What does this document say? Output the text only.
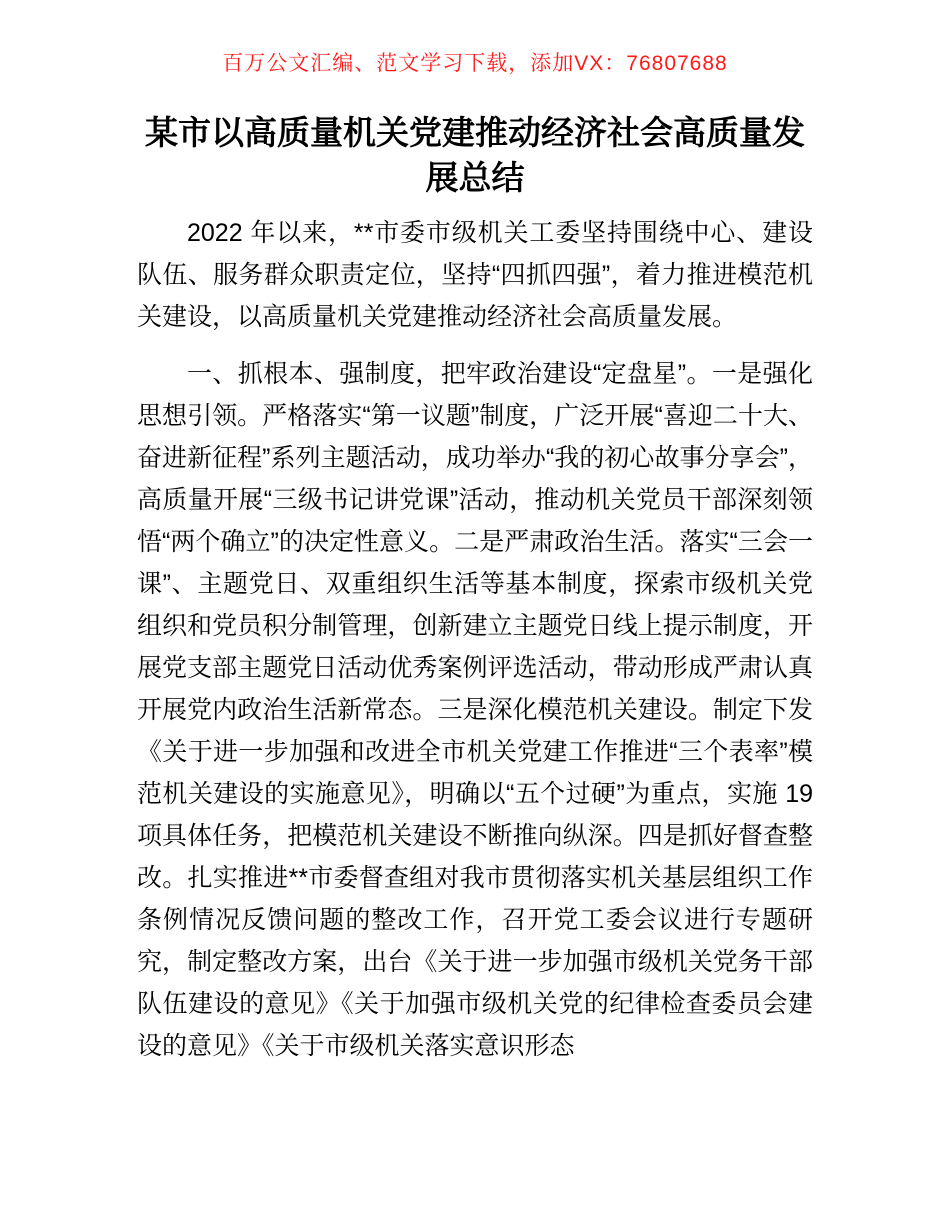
百万公文汇编、范文学习下载，添加VX：76807688
某市以高质量机关党建推动经济社会高质量发展总结

2022 年以来，**市委市级机关工委坚持围绕中心、建设队伍、服务群众职责定位，坚持“四抓四强”，着力推进模范机关建设，以高质量机关党建推动经济社会高质量发展。

一、抓根本、强制度，把牢政治建设“定盘星”。一是强化思想引领。严格落实“第一议题”制度，广泛开展“喜迎二十大、奋进新征程”系列主题活动，成功举办“我的初心故事分享会”，高质量开展“三级书记讲党课”活动，推动机关党员干部深刻领悟“两个确立”的决定性意义。二是严肃政治生活。落实“三会一课”、主题党日、双重组织生活等基本制度，探索市级机关党组织和党员积分制管理，创新建立主题党日线上提示制度，开展党支部主题党日活动优秀案例评选活动，带动形成严肃认真开展党内政治生活新常态。三是深化模范机关建设。制定下发《关于进一步加强和改进全市机关党建工作推进“三个表率”模范机关建设的实施意见》，明确以“五个过硬”为重点，实施 19 项具体任务，把模范机关建设不断推向纵深。四是抓好督查整改。扎实推进**市委督查组对我市贯彻落实机关基层组织工作条例情况反馈问题的整改工作，召开党工委会议进行专题研究，制定整改方案，出台《关于进一步加强市级机关党务干部队伍建设的意见》《关于加强市级机关党的纪律检查委员会建设的意见》《关于市级机关落实意识形态
